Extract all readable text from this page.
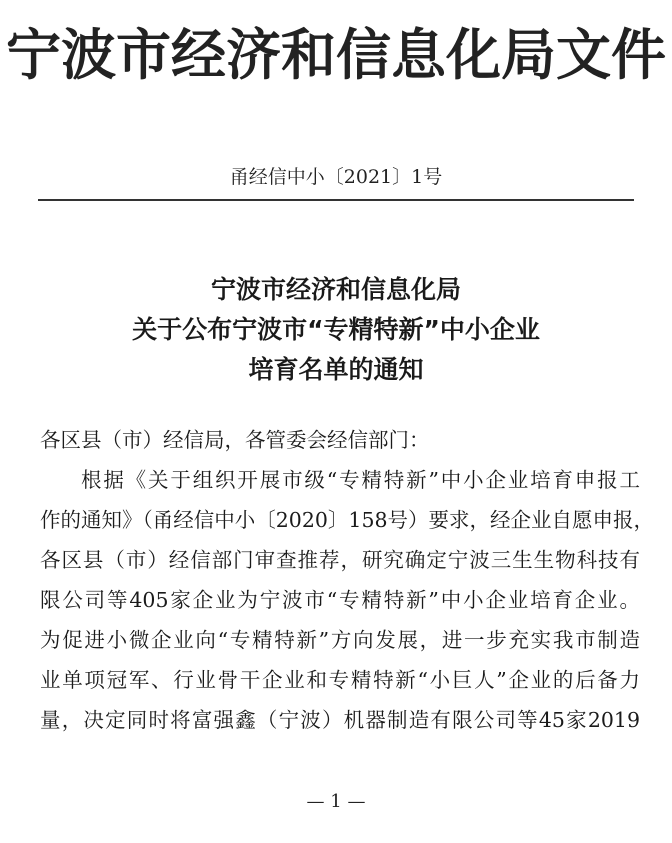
宁波市经济和信息化局文件
甬经信中小〔2021〕1号
宁波市经济和信息化局
关于公布宁波市“专精特新”中小企业
培育名单的通知
各区县（市）经信局，各管委会经信部门：
根据《关于组织开展市级“专精特新”中小企业培育申报工
作的通知》（甬经信中小〔2020〕158号）要求，经企业自愿申报，
各区县（市）经信部门审查推荐，研究确定宁波三生生物科技有
限公司等405家企业为宁波市“专精特新”中小企业培育企业。
为促进小微企业向“专精特新”方向发展，进一步充实我市制造
业单项冠军、行业骨干企业和专精特新“小巨人”企业的后备力
量，决定同时将富强鑫（宁波）机器制造有限公司等45家2019
— 1 —
